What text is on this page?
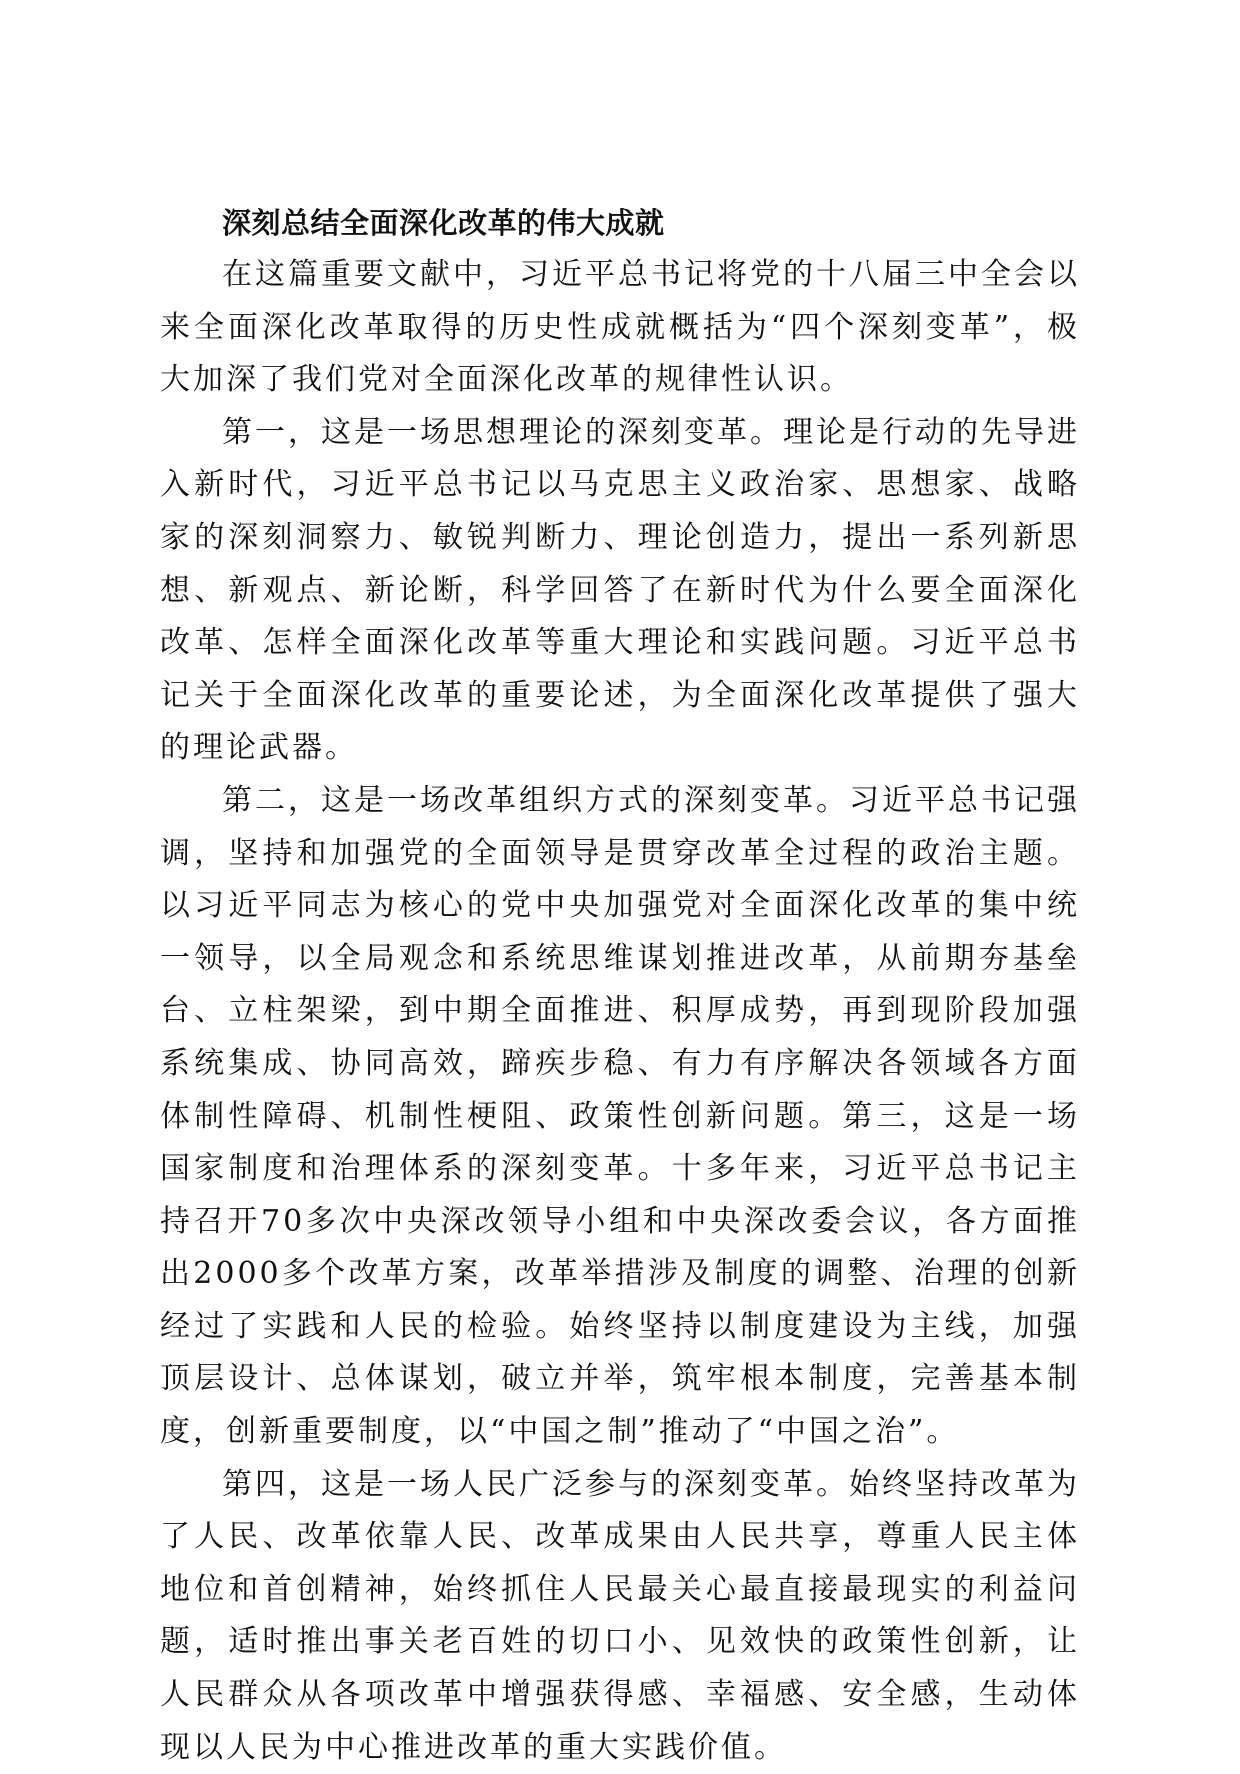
深刻总结全面深化改革的伟大成就

在这篇重要文献中，习近平总书记将党的十八届三中全会以来全面深化改革取得的历史性成就概括为“四个深刻变革”，极大加深了我们党对全面深化改革的规律性认识。

第一，这是一场思想理论的深刻变革。理论是行动的先导进入新时代，习近平总书记以马克思主义政治家、思想家、战略家的深刻洞察力、敏锐判断力、理论创造力，提出一系列新思想、新观点、新论断，科学回答了在新时代为什么要全面深化改革、怎样全面深化改革等重大理论和实践问题。习近平总书记关于全面深化改革的重要论述，为全面深化改革提供了强大的理论武器。

第二，这是一场改革组织方式的深刻变革。习近平总书记强调，坚持和加强党的全面领导是贯穿改革全过程的政治主题。以习近平同志为核心的党中央加强党对全面深化改革的集中统一领导，以全局观念和系统思维谋划推进改革，从前期夯基垒台、立柱架梁，到中期全面推进、积厚成势，再到现阶段加强系统集成、协同高效，蹄疾步稳、有力有序解决各领域各方面体制性障碍、机制性梗阻、政策性创新问题。第三，这是一场国家制度和治理体系的深刻变革。十多年来，习近平总书记主持召开70多次中央深改领导小组和中央深改委会议，各方面推出2000多个改革方案，改革举措涉及制度的调整、治理的创新经过了实践和人民的检验。始终坚持以制度建设为主线，加强顶层设计、总体谋划，破立并举，筑牢根本制度，完善基本制度，创新重要制度，以“中国之制”推动了“中国之治”。

第四，这是一场人民广泛参与的深刻变革。始终坚持改革为了人民、改革依靠人民、改革成果由人民共享，尊重人民主体地位和首创精神，始终抓住人民最关心最直接最现实的利益问题，适时推出事关老百姓的切口小、见效快的政策性创新，让人民群众从各项改革中增强获得感、幸福感、安全感，生动体现以人民为中心推进改革的重大实践价值。
